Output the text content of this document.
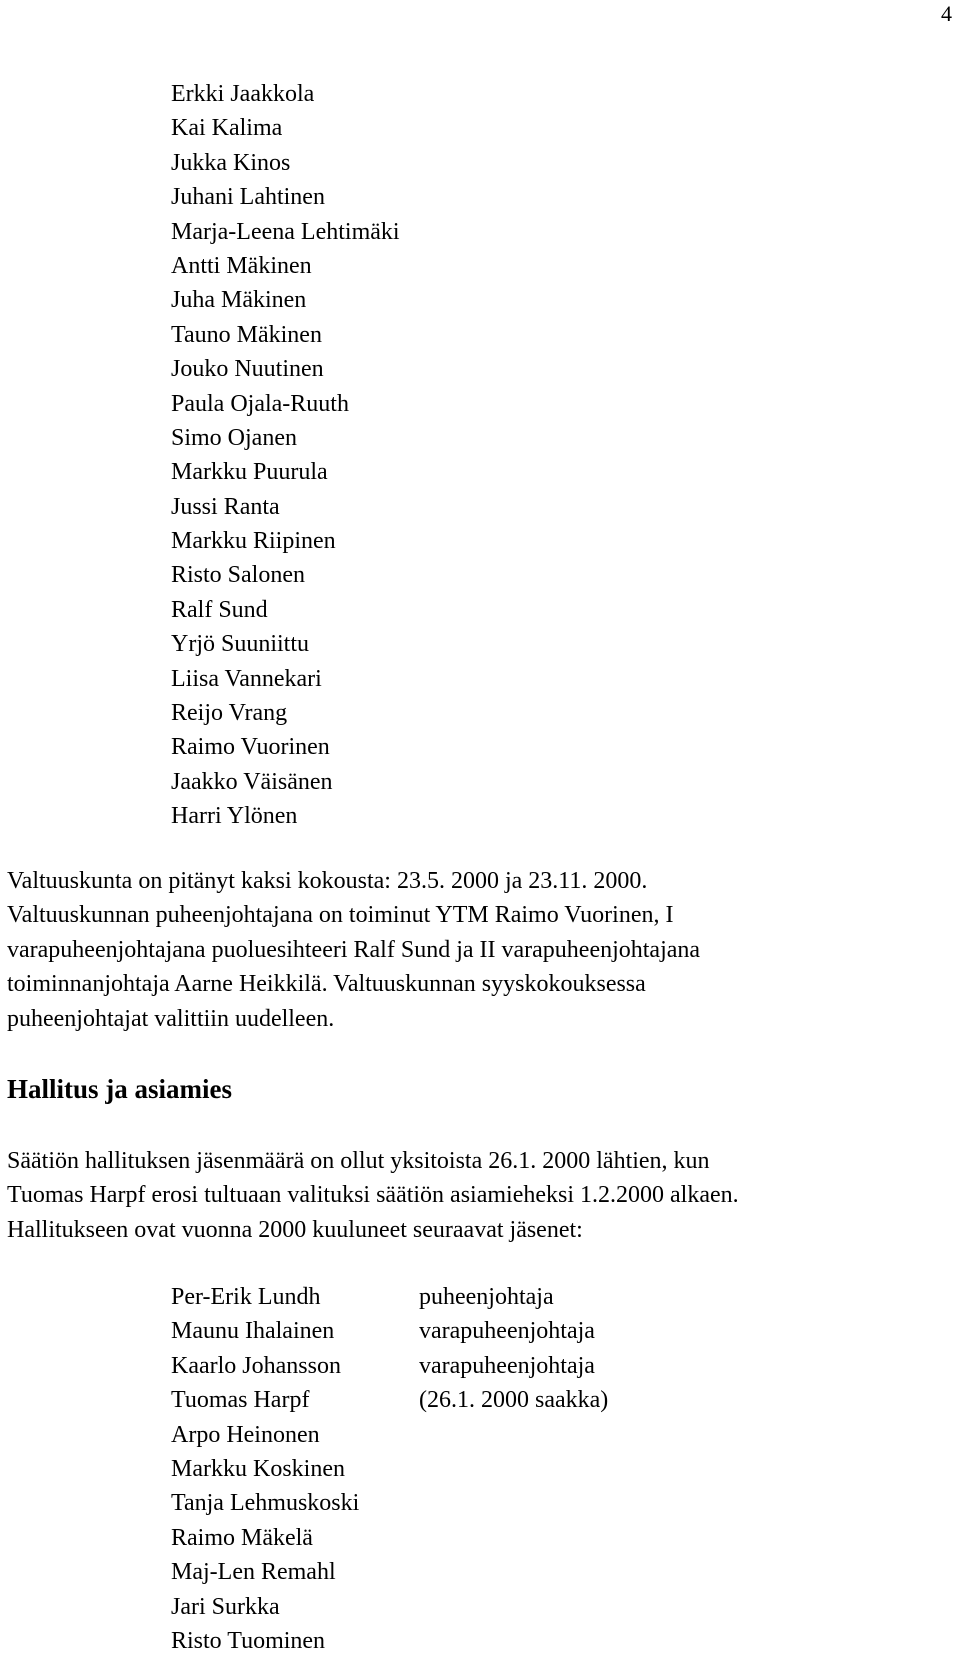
4
Erkki Jaakkola
Kai Kalima
Jukka Kinos
Juhani Lahtinen
Marja-Leena Lehtimäki
Antti Mäkinen
Juha Mäkinen
Tauno Mäkinen
Jouko Nuutinen
Paula Ojala-Ruuth
Simo Ojanen
Markku Puurula
Jussi Ranta
Markku Riipinen
Risto Salonen
Ralf Sund
Yrjö Suuniittu
Liisa Vannekari
Reijo Vrang
Raimo Vuorinen
Jaakko Väisänen
Harri Ylönen
Valtuuskunta on pitänyt kaksi kokousta: 23.5. 2000 ja 23.11. 2000.
Valtuuskunnan puheenjohtajana on toiminut YTM Raimo Vuorinen, I
varapuheenjohtajana puoluesihteeri Ralf Sund ja II varapuheenjohtajana
toiminnanjohtaja Aarne Heikkilä. Valtuuskunnan syyskokouksessa
puheenjohtajat valittiin uudelleen.
Hallitus ja asiamies
Säätiön hallituksen jäsenmäärä on ollut yksitoista 26.1. 2000 lähtien, kun
Tuomas Harpf erosi tultuaan valituksi säätiön asiamieheksi 1.2.2000 alkaen.
Hallitukseen ovat vuonna 2000 kuuluneet seuraavat jäsenet:
Per-Erik Lundh	puheenjohtaja
Maunu Ihalainen	varapuheenjohtaja
Kaarlo Johansson	varapuheenjohtaja
Tuomas Harpf	(26.1. 2000 saakka)
Arpo Heinonen
Markku Koskinen
Tanja Lehmuskoski
Raimo Mäkelä
Maj-Len Remahl
Jari Surkka
Risto Tuominen
